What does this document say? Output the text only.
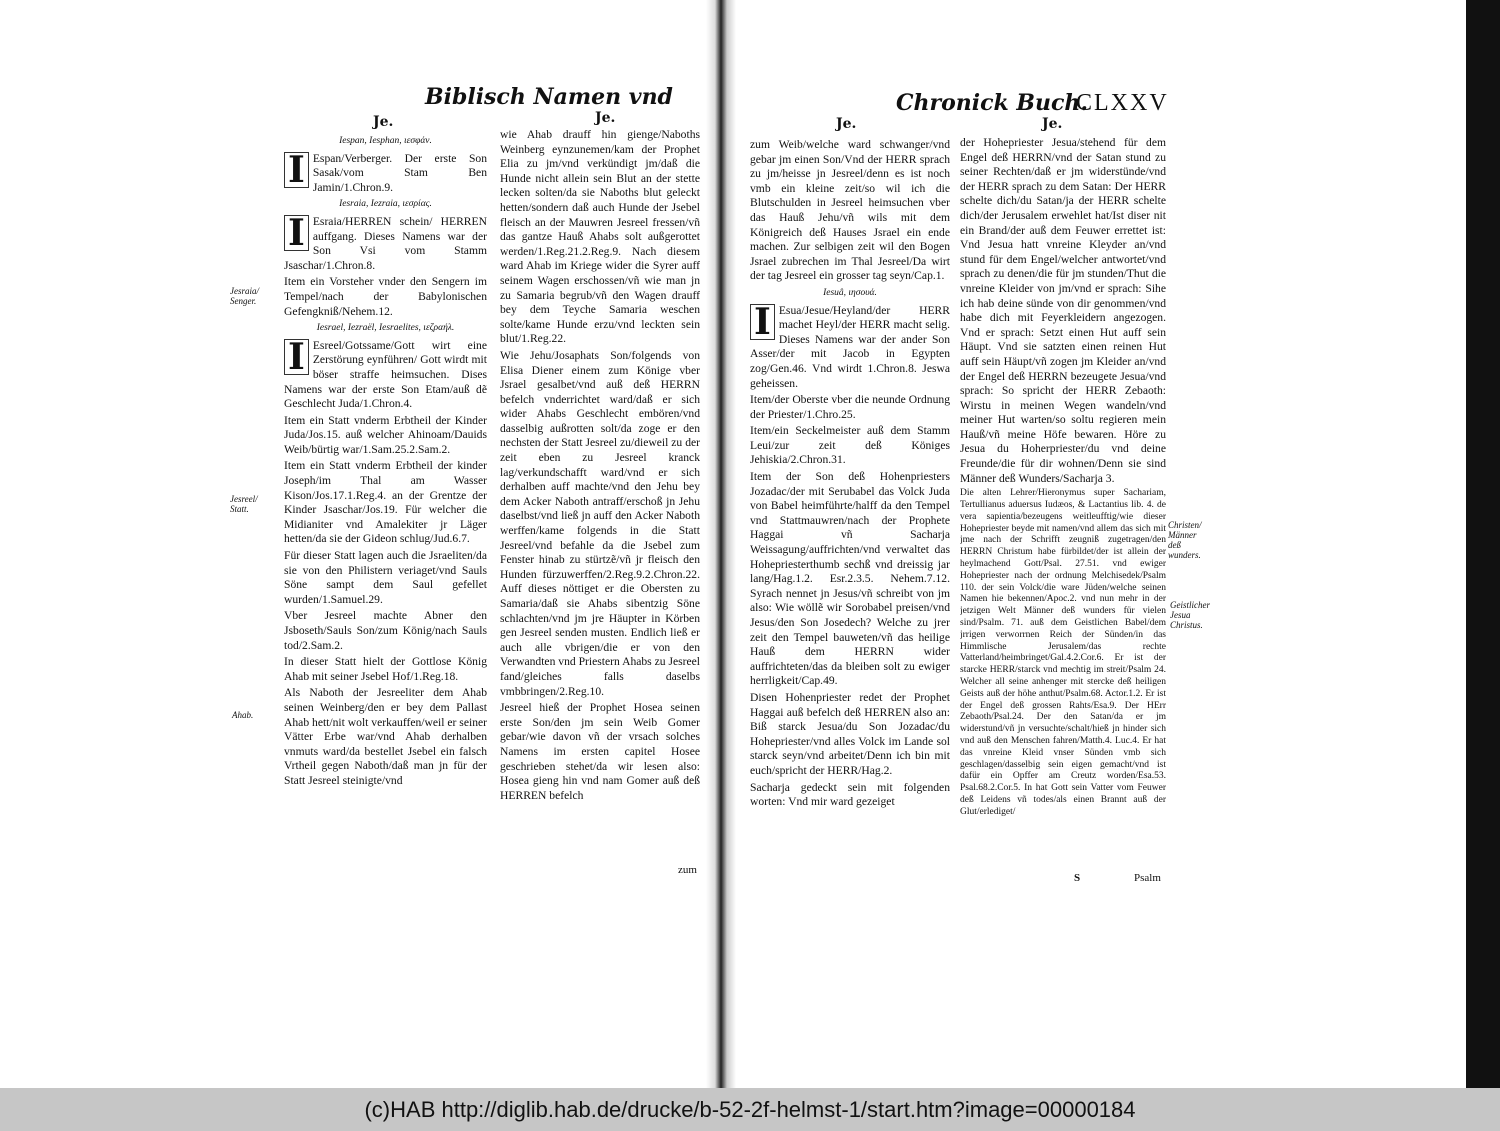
Biblisch Namen vnd
Je.	Je.

Iespan, Iesphan, ιεσφάν.

I Espan/Verberger. Der erste Son Sasak/vom Stam Ben Jamin/1.Chron.9.

Iesraia, Iezraia, ιεσρίας.

I Esraia/HERREN schein/ HERREN auffgang. Dieses Namens war der Son Vsi vom Stamm Jsaschar/1.Chron.8.

Item ein Vorsteher vnder den Sengern im Tempel/nach der Babylonischen Gefengkniß/Nehem.12.

Iesrael, Iezraël, Iesraelites, ιεζραήλ.

I Esreel/Gotssame/Gott wirt eine Zerstörung eynführen/ Gott wirdt mit böser straffe heimsuchen. Dises Namens war der erste Son Etam/auß dẽ Geschlecht Juda/1.Chron.4.

Item ein Statt vnderm Erbtheil der Kinder Juda/Jos.15. auß welcher Ahinoam/Dauids Weib/bürtig war/1.Sam.25.2.Sam.2.

Item ein Statt vnderm Erbtheil der kinder Joseph/im Thal am Wasser Kison/Jos.17.1.Reg.4. an der Grentze der Kinder Jsaschar/Jos.19. Für welcher die Midianiter vnd Amalekiter jr Läger hetten/da sie der Gideon schlug/Jud.6.7.

Für dieser Statt lagen auch die Jsraeliten/da sie von den Philistern veriaget/vnd Sauls Söne sampt dem Saul gefellet wurden/1.Samuel.29.

Vber Jesreel machte Abner den Jsboseth/Sauls Son/zum König/nach Sauls tod/2.Sam.2.

In dieser Statt hielt der Gottlose König Ahab mit seiner Jsebel Hof/1.Reg.18.

Als Naboth der Jesreeliter dem Ahab seinen Weinberg/den er bey dem Pallast Ahab hett/nit wolt verkauffen/weil er seiner Vätter Erbe war/vnd Ahab derhalben vnmuts ward/da bestellet Jsebel ein falsch Vrtheil gegen Naboth/daß man jn für der Statt Jesreel steinigte/vnd

wie Ahab drauff hin gienge/Naboths Weinberg eynzunemen/kam der Prophet Elia zu jm/vnd verkündigt jm/daß die Hunde nicht allein sein Blut an der stette lecken solten/da sie Naboths blut geleckt hetten/sondern daß auch Hunde der Jsebel fleisch an der Mauwren Jesreel fressen/vñ das gantze Hauß Ahabs solt außgerottet werden/1.Reg.21.2.Reg.9. Nach diesem ward Ahab im Kriege wider die Syrer auff seinem Wagen erschossen/vñ wie man jn zu Samaria begrub/vñ den Wagen drauff bey dem Teyche Samaria weschen solte/kame Hunde erzu/vnd leckten sein blut/1.Reg.22.

Wie Jehu/Josaphats Son/folgends von Elisa Diener einem zum Könige vber Jsrael gesalbet/vnd auß deß HERRN befelch vnderrichtet ward/daß er sich wider Ahabs Geschlecht embören/vnd dasselbig außrotten solt/da zoge er den nechsten der Statt Jesreel zu/dieweil zu der zeit eben zu Jesreel kranck lag/verkundschafft ward/vnd er sich derhalben auff machte/vnd den Jehu bey dem Acker Naboth antraff/erschoß jn Jehu daselbst/vnd ließ jn auff den Acker Naboth werffen/kame folgends in die Statt Jesreel/vnd befahle da die Jsebel zum Fenster hinab zu stürtzẽ/vñ jr fleisch den Hunden fürzuwerffen/2.Reg.9.2.Chron.22. Auff dieses nöttiget er die Obersten zu Samaria/daß sie Ahabs sibentzig Söne schlachten/vnd jm jre Häupter in Körben gen Jesreel senden musten. Endlich ließ er auch alle vbrigen/die er von den Verwandten vnd Priestern Ahabs zu Jesreel fand/gleiches falls daselbs vmbbringen/2.Reg.10.

Jesreel hieß der Prophet Hosea seinen erste Son/den jm sein Weib Gomer gebar/wie davon vñ der vrsach solches Namens im ersten capitel Hosee geschrieben stehet/da wir lesen also: Hosea gieng hin vnd nam Gomer auß deß HERREN befelch

zum
Jesraia/ Senger.
Jesreel/ Statt.
Ahab.
Chronick Buch.
CLXXV
Je.	Je.

zum Weib/welche ward schwanger/vnd gebar jm einen Son/Vnd der HERR sprach zu jm/heisse jn Jesreel/denn es ist noch vmb ein kleine zeit/so wil ich die Blutschulden in Jesreel heimsuchen vber das Hauß Jehu/vñ wils mit dem Königreich deß Hauses Jsrael ein ende machen. Zur selbigen zeit wil den Bogen Jsrael zubrechen im Thal Jesreel/Da wirt der tag Jesreel ein grosser tag seyn/Cap.1.

Iesuâ, ιησουά.

I Esua/Jesue/Heyland/der HERR machet Heyl/der HERR macht selig. Dieses Namens war der ander Son Asser/der mit Jacob in Egypten zog/Gen.46. Vnd wirdt 1.Chron.8. Jeswa geheissen.

Item/der Oberste vber die neunde Ordnung der Priester/1.Chro.25.

Item/ein Seckelmeister auß dem Stamm Leui/zur zeit deß Königes Jehiskia/2.Chron.31.

Item der Son deß Hohenpriesters Jozadac/der mit Serubabel das Volck Juda von Babel heimführte/halff da den Tempel vnd Stattmauwren/nach der Prophete Haggai vñ Sacharja Weissagung/auffrichten/vnd verwaltet das Hohepriesterthumb sechß vnd dreissig jar lang/Hag.1.2. Esr.2.3.5. Nehem.7.12. Syrach nennet jn Jesus/vñ schreibt von jm also: Wie wöllẽ wir Sorobabel preisen/vnd Jesus/den Son Josedech? Welche zu jrer zeit den Tempel bauweten/vñ das heilige Hauß dem HERRN wider auffrichteten/das da bleiben solt zu ewiger herrligkeit/Cap.49.

Disen Hohenpriester redet der Prophet Haggai auß befelch deß HERREN also an: Biß starck Jesua/du Son Jozadac/du Hohepriester/vnd alles Volck im Lande sol starck seyn/vnd arbeitet/Denn ich bin mit euch/spricht der HERR/Hag.2.

Sacharja gedeckt sein mit folgenden worten: Vnd mir ward gezeiget

der Hohepriester Jesua/stehend für dem Engel deß HERRN/vnd der Satan stund zu seiner Rechten/daß er jm widerstünde/vnd der HERR sprach zu dem Satan: Der HERR schelte dich/du Satan/ja der HERR schelte dich/der Jerusalem erwehlet hat/Ist diser nit ein Brand/der auß dem Feuwer errettet ist: Vnd Jesua hatt vnreine Kleyder an/vnd stund für dem Engel/welcher antwortet/vnd sprach zu denen/die für jm stunden/Thut die vnreine Kleider von jm/vnd er sprach: Sihe ich hab deine sünde von dir genommen/vnd habe dich mit Feyerkleidern angezogen. Vnd er sprach: Setzt einen Hut auff sein Häupt. Vnd sie satzten einen reinen Hut auff sein Häupt/vñ zogen jm Kleider an/vnd der Engel deß HERRN bezeugete Jesua/vnd sprach: So spricht der HERR Zebaoth: Wirstu in meinen Wegen wandeln/vnd meiner Hut warten/so soltu regieren mein Hauß/vñ meine Höfe bewaren. Höre zu Jesua du Hoherpriester/du vnd deine Freunde/die für dir wohnen/Denn sie sind Männer deß Wunders/Sacharja 3.

Die alten Lehrer/Hieronymus super Sachariam, Tertullianus aduersus Iudæos, & Lactantius lib. 4. de vera sapientia/bezeugens weitleufftig/wie dieser Hohepriester beyde mit namen/vnd allem das sich mit jme nach der Schrifft zeugniß zugetragen/den HERRN Christum habe fürbildet/der ist allein der heylmachend Gott/Psal. 27.51. vnd ewiger Hohepriester nach der ordnung Melchisedek/Psalm 110. der sein Volck/die ware Jüden/welche seinen Namen hie bekennen/Apoc.2. vnd nun mehr in der jetzigen Welt Männer deß wunders für vielen sind/Psalm. 71. auß dem Geistlichen Babel/dem jrrigen verworrnen Reich der Sünden/in das Himmlische Jerusalem/das rechte Vatterland/heimbringet/Gal.4.2.Cor.6. Er ist der starcke HERR/starck vnd mechtig im streit/Psalm 24. Welcher all seine anhenger mit stercke deß heiligen Geists auß der höhe anthut/Psalm.68. Actor.1.2. Er ist der Engel deß grossen Rahts/Esa.9. Der HErr Zebaoth/Psal.24. Der den Satan/da er jm widerstund/vñ jn versuchte/schalt/hieß jn hinder sich vnd auß den Menschen fahren/Matth.4. Luc.4. Er hat das vnreine Kleid vnser Sünden vmb sich geschlagen/dasselbig sein eigen gemacht/vnd ist dafür ein Opffer am Creutz worden/Esa.53. Psal.68.2.Cor.5. In hat Gott sein Vatter vom Feuwer deß Leidens vñ todes/als einen Brannt auß der Glut/erlediget/

S	Psalm
Christen/ Männer deß wunders.
Geistlicher Jesua Christus.
(c)HAB http://diglib.hab.de/drucke/b-52-2f-helmst-1/start.htm?image=00000184
